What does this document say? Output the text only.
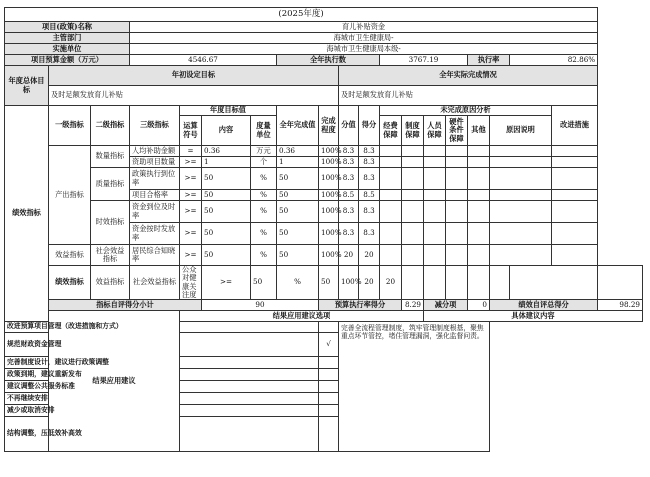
(2025年度)																			
项目(政策)名称			育儿补贴资金																
主管部门			海城市卫生健康局-																
实施单位			海城市卫生健康局本级-																
项目预算金额（万元）			4546.67				全年执行数				3767.19				执行率		82.86%		
年度总体目标	年初设定目标								全年实际完成情况										
	及时足额发放育儿补贴								及时足额发放育儿补贴										
绩效指标	一级指标	二级指标	三级指标	年度目标值			全年完成值	完成程度	分值	得分	未完成原因分析							改进措施	
				运算符号	内容	度量单位					经费保障	制度保障	人员保障	硬件条件保障	其他	原因说明			
	产出指标	数量指标	人均补助金额	=	0.36	万元	0.36	100%	8.3	8.3									
			资助项目数量	>=	1	个	1	100%	8.3	8.3									
		质量指标	政策执行到位率	>=	50	%	50	100%	8.3	8.3									
			项目合格率	>=	50	%	50	100%	8.5	8.5									
		时效指标	资金到位及时率	>=	50	%	50	100%	8.3	8.3									
			资金按时发放率	>=	50	%	50	100%	8.3	8.3									
	效益指标	社会效益指标	居民综合知晓率	>=	50	%	50	100%	20	20									
	绩效指标	效益指标	社会效益指标	公众对健康关注度	>=	50	%	50	100%	20	20								
	指标自评得分小计				90			预算执行率得分				8.29	减分项		0	绩效自评总得分			98.29
	结果应用建议			结果应用建议选项									具体建议内容						
改进预算项目管理（改进措施和方式）									完善全流程管理制度，筑牢管理制度根基，聚焦重点环节管控，堵住管理漏洞，强化监督问责。										
规范财政资金管理								√											
完善制度设计，建议进行政策调整																			
政策到期，建议重新发布																			
建议调整公共服务标准																			
不再继续安排																			
减少或取消安排																			
结构调整，压低效补高效																			
